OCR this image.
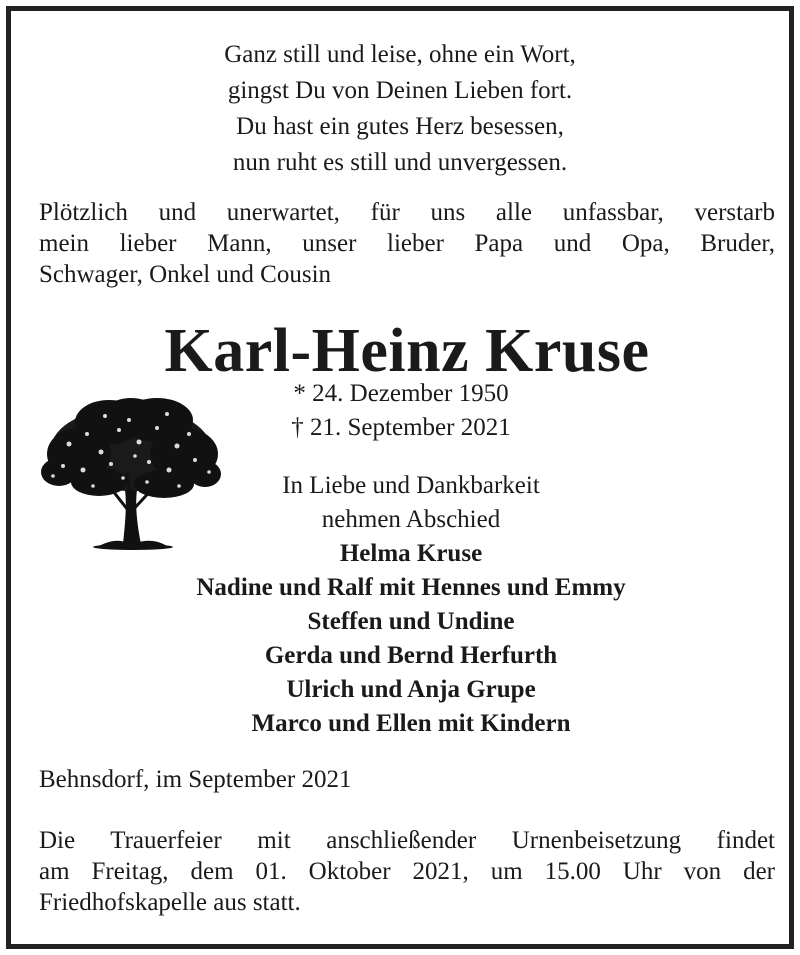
Ganz still und leise, ohne ein Wort,
gingst Du von Deinen Lieben fort.
Du hast ein gutes Herz besessen,
nun ruht es still und unvergessen.
Plötzlich und unerwartet, für uns alle unfassbar, verstarb
mein lieber Mann, unser lieber Papa und Opa, Bruder,
Schwager, Onkel und Cousin
Karl-Heinz Kruse
* 24. Dezember 1950
† 21. September 2021
In Liebe und Dankbarkeit
nehmen Abschied
Helma Kruse
Nadine und Ralf mit Hennes und Emmy
Steffen und Undine
Gerda und Bernd Herfurth
Ulrich und Anja Grupe
Marco und Ellen mit Kindern
Behnsdorf, im September 2021
Die Trauerfeier mit anschließender Urnenbeisetzung findet
am Freitag, dem 01. Oktober 2021, um 15.00 Uhr von der
Friedhofskapelle aus statt.
